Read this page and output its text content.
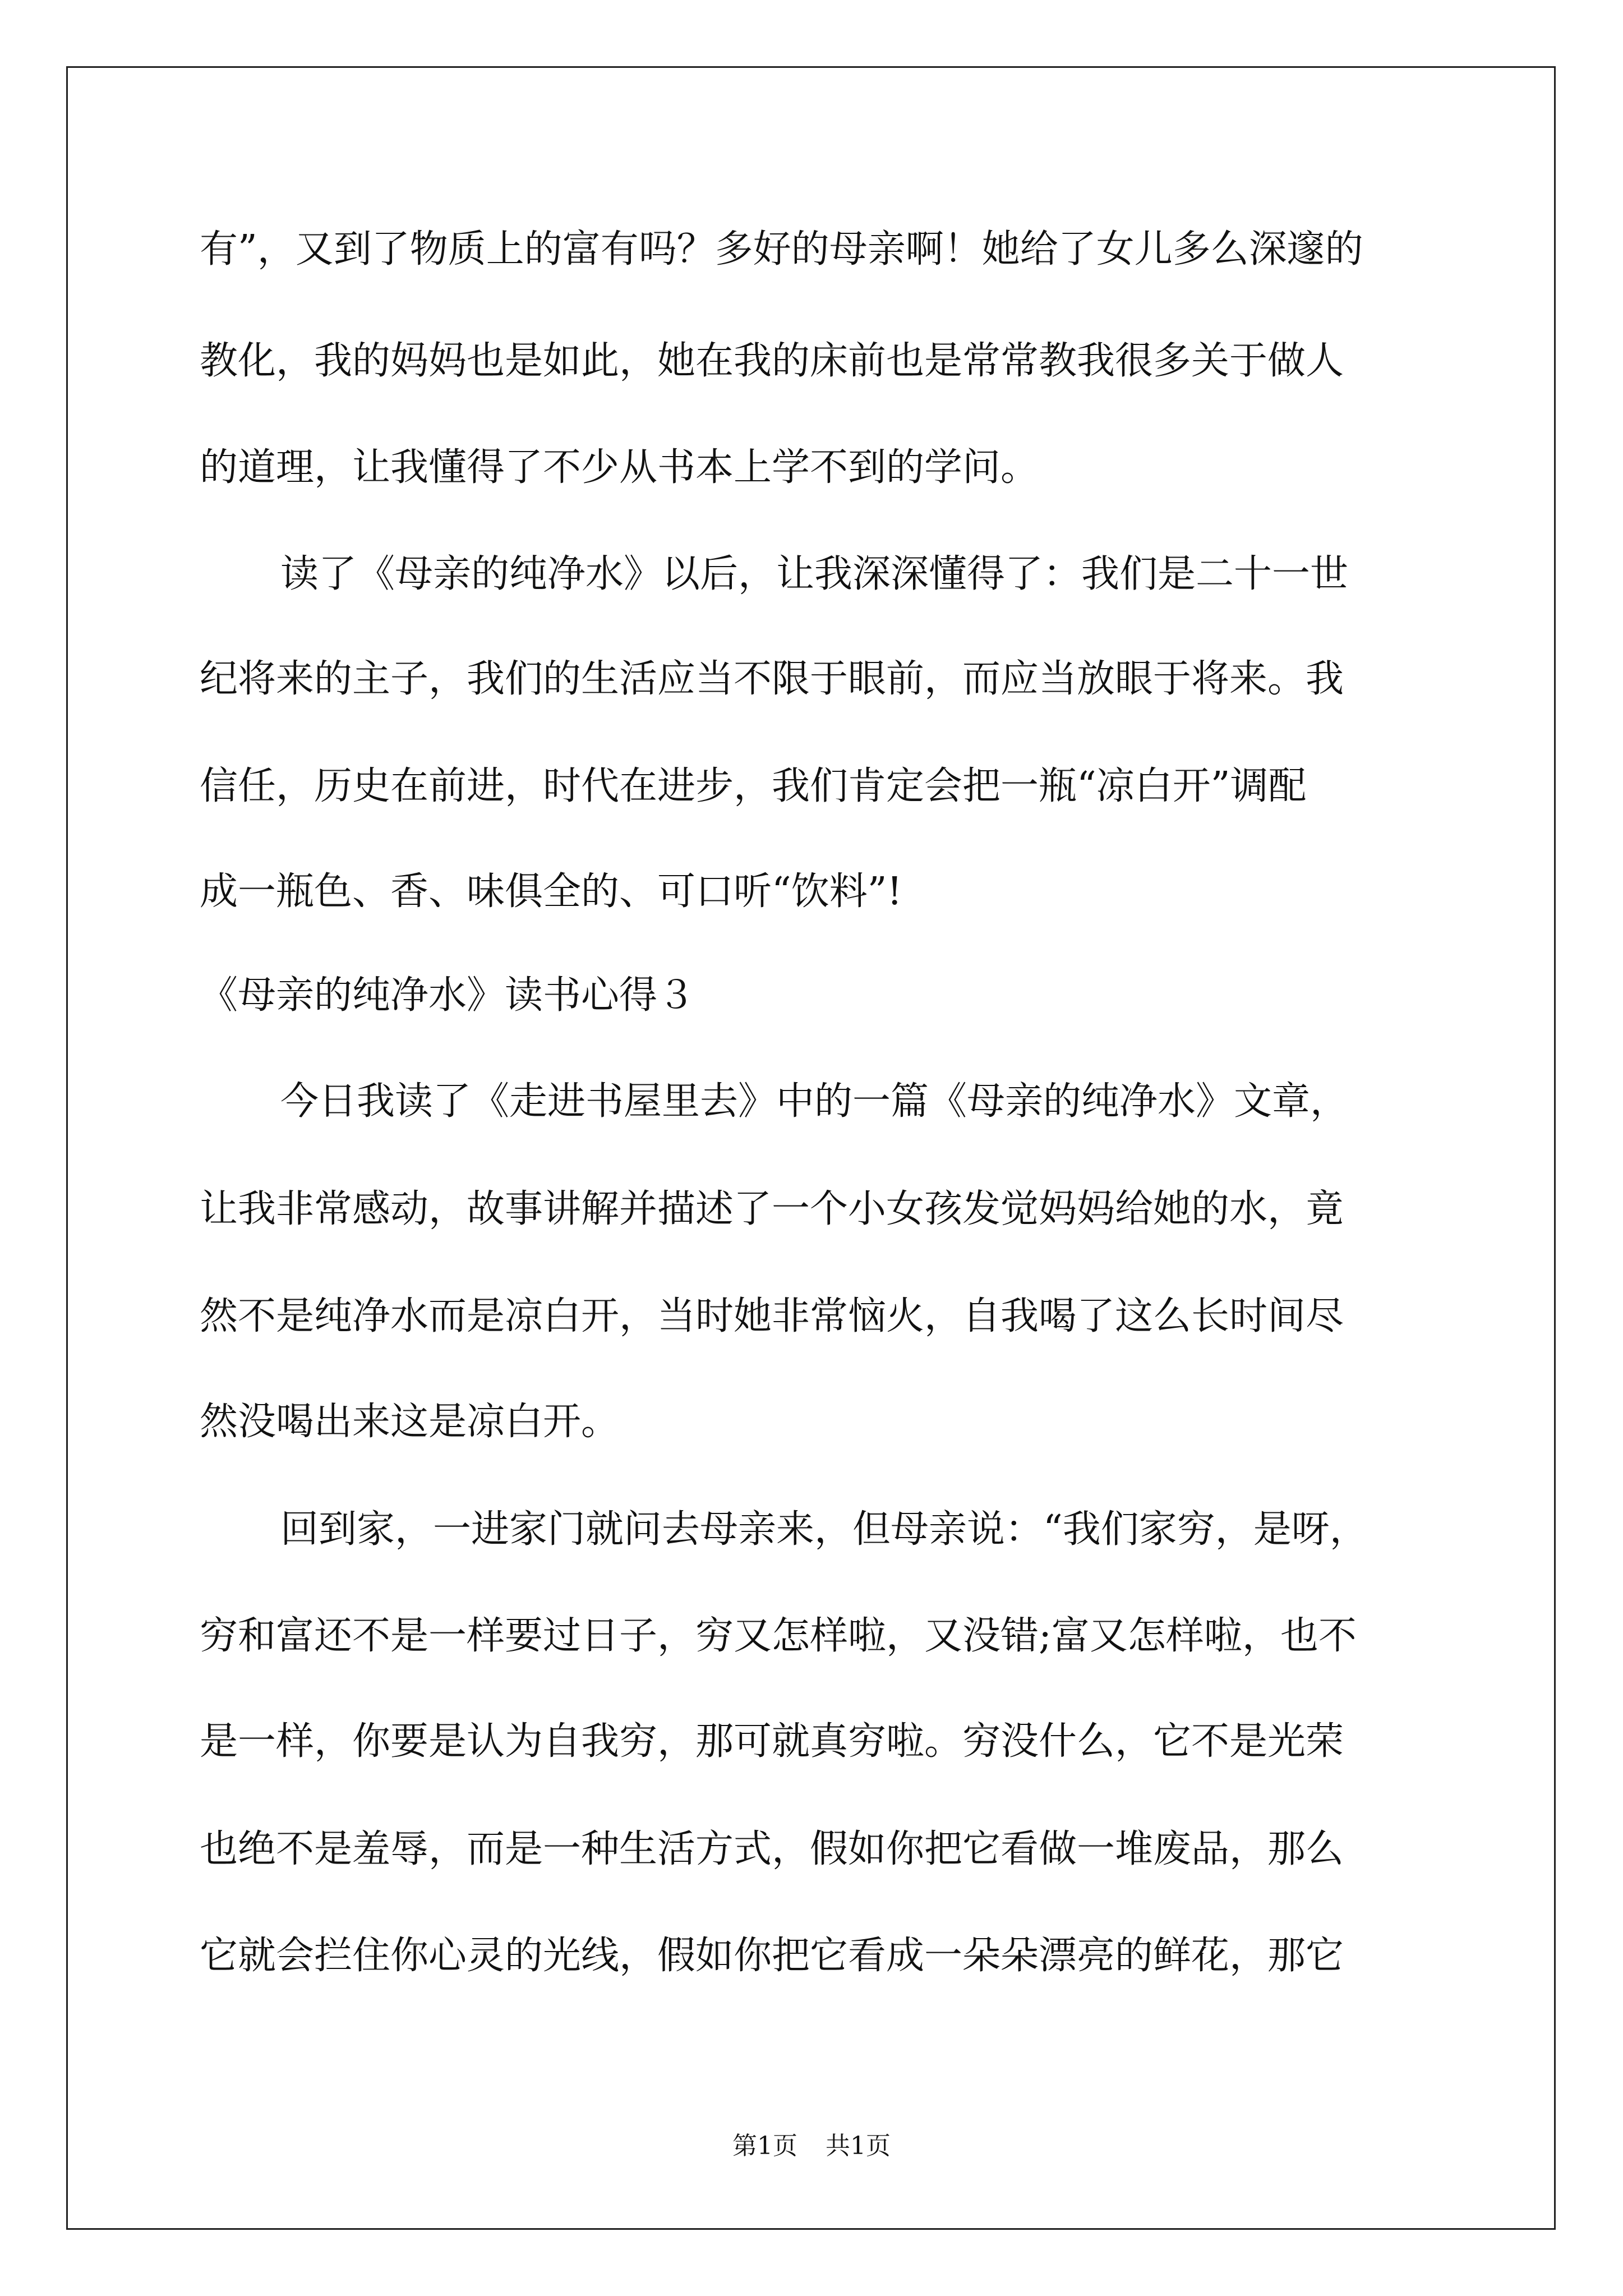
有”，又到了物质上的富有吗？多好的母亲啊！她给了女儿多么深邃的
教化，我的妈妈也是如此，她在我的床前也是常常教我很多关于做人
的道理，让我懂得了不少从书本上学不到的学问。
读了《母亲的纯净水》以后，让我深深懂得了：我们是二十一世
纪将来的主子，我们的生活应当不限于眼前，而应当放眼于将来。我
信任，历史在前进，时代在进步，我们肯定会把一瓶“凉白开”调配
成一瓶色、香、味俱全的、可口听“饮料”!
《母亲的纯净水》读书心得３
今日我读了《走进书屋里去》中的一篇《母亲的纯净水》文章，
让我非常感动，故事讲解并描述了一个小女孩发觉妈妈给她的水，竟
然不是纯净水而是凉白开，当时她非常恼火，自我喝了这么长时间尽
然没喝出来这是凉白开。
回到家，一进家门就问去母亲来，但母亲说：“我们家穷，是呀，
穷和富还不是一样要过日子，穷又怎样啦，又没错;富又怎样啦，也不
是一样，你要是认为自我穷，那可就真穷啦。穷没什么，它不是光荣
也绝不是羞辱，而是一种生活方式，假如你把它看做一堆废品，那么
它就会拦住你心灵的光线，假如你把它看成一朵朵漂亮的鲜花，那它
第1页 共1页
